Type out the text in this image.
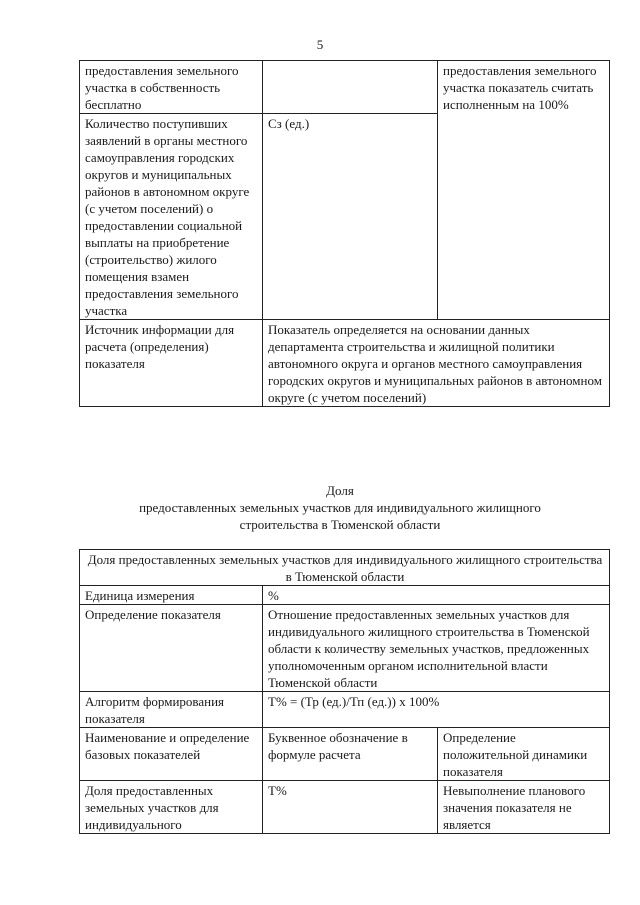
5
предоставления земельного участка в собственность бесплатно		предоставления земельного участка показатель считать исполненным на 100%
Количество поступивших заявлений в органы местного самоуправления городских округов и муниципальных районов в автономном округе (с учетом поселений) о предоставлении социальной выплаты на приобретение (строительство) жилого помещения взамен предоставления земельного участка	Сз (ед.)	
Источник информации для расчета (определения) показателя	Показатель определяется на основании данных департамента строительства и жилищной политики автономного округа и органов местного самоуправления городских округов и муниципальных районов в автономном округе (с учетом поселений)	
Доля
предоставленных земельных участков для индивидуального жилищного
строительства в Тюменской области
Доля предоставленных земельных участков для индивидуального жилищного строительства в Тюменской области		
Единица измерения	%	
Определение показателя	Отношение предоставленных земельных участков для индивидуального жилищного строительства в Тюменской области к количеству земельных участков, предложенных уполномоченным органом исполнительной власти Тюменской области	
Алгоритм формирования показателя	Т% = (Тр (ед.)/Тп (ед.)) х 100%	
Наименование и определение базовых показателей	Буквенное обозначение в формуле расчета	Определение положительной динамики показателя
Доля предоставленных земельных участков для индивидуального	Т%	Невыполнение планового значения показателя не является
